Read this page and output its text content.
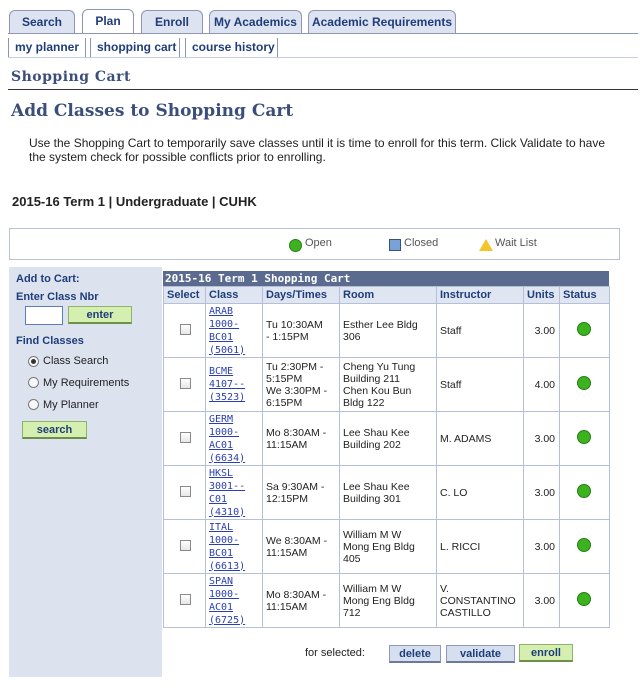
Search	Plan	Enroll	My Academics	Academic Requirements
my planner	shopping cart	course history
Shopping Cart
Add Classes to Shopping Cart
Use the Shopping Cart to temporarily save classes until it is time to enroll for this term. Click Validate to have the system check for possible conflicts prior to enrolling.
2015-16 Term 1 | Undergraduate | CUHK
Open	Closed	Wait List
Add to Cart:
Enter Class Nbr
enter
Find Classes
Class Search
My Requirements
My Planner
search
2015-16 Term 1 Shopping Cart
Select	Class	Days/Times	Room	Instructor	Units	Status
	ARAB
1000-
BC01
(5061)	Tu 10:30AM
- 1:15PM	Esther Lee Bldg
306	Staff	3.00	
	BCME
4107--
(3523)	Tu 2:30PM -
5:15PM
We 3:30PM -
6:15PM	Cheng Yu Tung
Building 211
Chen Kou Bun
Bldg 122	Staff	4.00	
	GERM
1000-
AC01
(6634)	Mo 8:30AM -
11:15AM	Lee Shau Kee
Building 202	M. ADAMS	3.00	
	HKSL
3001--
C01
(4310)	Sa 9:30AM -
12:15PM	Lee Shau Kee
Building 301	C. LO	3.00	
	ITAL
1000-
BC01
(6613)	We 8:30AM -
11:15AM	William M W
Mong Eng Bldg
405	L. RICCI	3.00	
	SPAN
1000-
AC01
(6725)	Mo 8:30AM -
11:15AM	William M W
Mong Eng Bldg
712	V.
CONSTANTINO
CASTILLO	3.00	
for selected:	delete	validate	enroll
